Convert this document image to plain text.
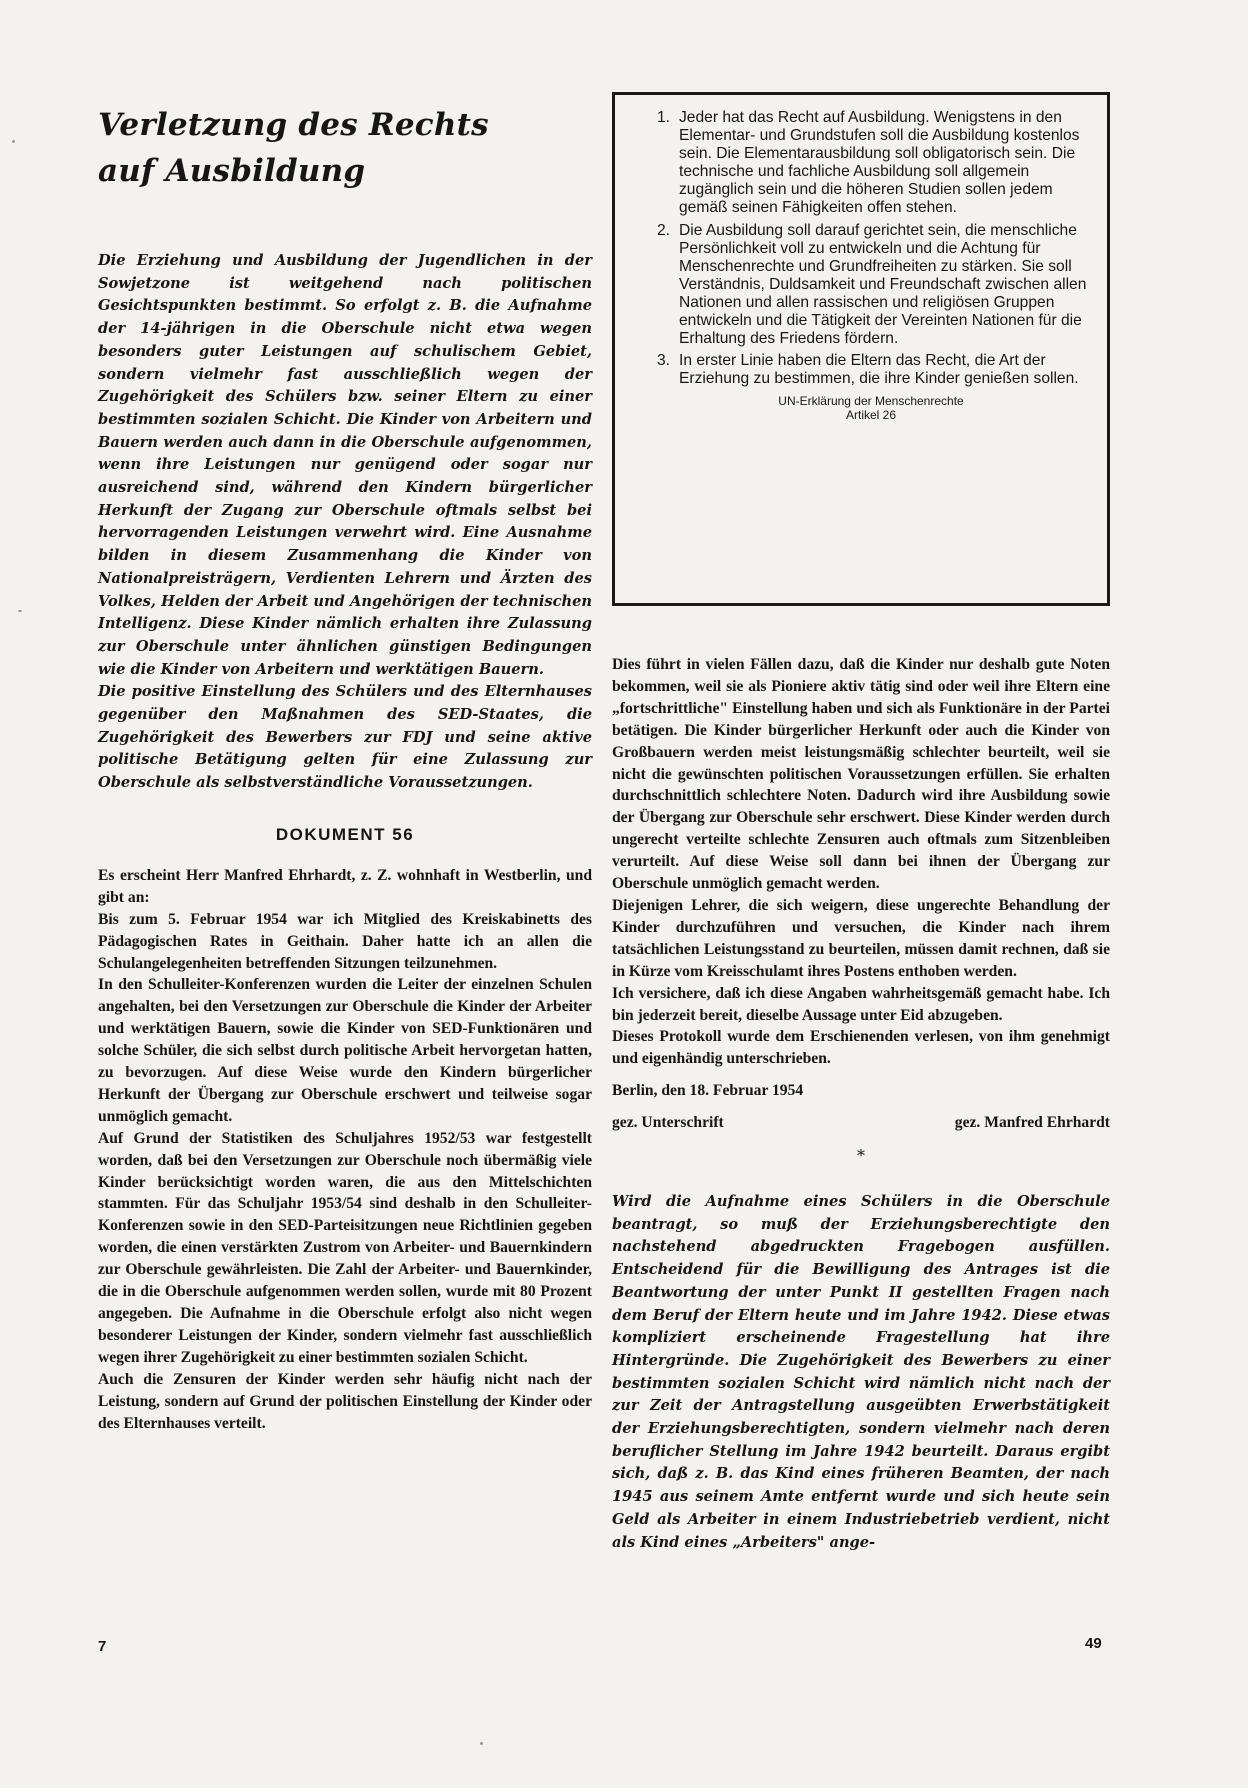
Verletzung des Rechts
auf Ausbildung

Die Erziehung und Ausbildung der Jugendlichen in der Sowjetzone ist weitgehend nach politischen Gesichtspunkten bestimmt. So erfolgt z. B. die Aufnahme der 14-jährigen in die Oberschule nicht etwa wegen besonders guter Leistungen auf schulischem Gebiet, sondern vielmehr fast ausschließlich wegen der Zugehörigkeit des Schülers bzw. seiner Eltern zu einer bestimmten sozialen Schicht. Die Kinder von Arbeitern und Bauern werden auch dann in die Oberschule aufgenommen, wenn ihre Leistungen nur genügend oder sogar nur ausreichend sind, während den Kindern bürgerlicher Herkunft der Zugang zur Oberschule oftmals selbst bei hervorragenden Leistungen verwehrt wird. Eine Ausnahme bilden in diesem Zusammenhang die Kinder von Nationalpreisträgern, Verdienten Lehrern und Ärzten des Volkes, Helden der Arbeit und Angehörigen der technischen Intelligenz. Diese Kinder nämlich erhalten ihre Zulassung zur Oberschule unter ähnlichen günstigen Bedingungen wie die Kinder von Arbeitern und werktätigen Bauern.

Die positive Einstellung des Schülers und des Elternhauses gegenüber den Maßnahmen des SED-Staates, die Zugehörigkeit des Bewerbers zur FDJ und seine aktive politische Betätigung gelten für eine Zulassung zur Oberschule als selbstverständliche Voraussetzungen.

DOKUMENT 56

Es erscheint Herr Manfred Ehrhardt, z. Z. wohnhaft in Westberlin, und gibt an:

Bis zum 5. Februar 1954 war ich Mitglied des Kreiskabinetts des Pädagogischen Rates in Geithain. Daher hatte ich an allen die Schulangelegenheiten betreffenden Sitzungen teilzunehmen.

In den Schulleiter-Konferenzen wurden die Leiter der einzelnen Schulen angehalten, bei den Versetzungen zur Oberschule die Kinder der Arbeiter und werktätigen Bauern, sowie die Kinder von SED-Funktionären und solche Schüler, die sich selbst durch politische Arbeit hervorgetan hatten, zu bevorzugen. Auf diese Weise wurde den Kindern bürgerlicher Herkunft der Übergang zur Oberschule erschwert und teilweise sogar unmöglich gemacht.

Auf Grund der Statistiken des Schuljahres 1952/53 war festgestellt worden, daß bei den Versetzungen zur Oberschule noch übermäßig viele Kinder berücksichtigt worden waren, die aus den Mittelschichten stammten. Für das Schuljahr 1953/54 sind deshalb in den Schulleiter-Konferenzen sowie in den SED-Parteisitzungen neue Richtlinien gegeben worden, die einen verstärkten Zustrom von Arbeiter- und Bauernkindern zur Oberschule gewährleisten. Die Zahl der Arbeiter- und Bauernkinder, die in die Oberschule aufgenommen werden sollen, wurde mit 80 Prozent angegeben. Die Aufnahme in die Oberschule erfolgt also nicht wegen besonderer Leistungen der Kinder, sondern vielmehr fast ausschließlich wegen ihrer Zugehörigkeit zu einer bestimmten sozialen Schicht.

Auch die Zensuren der Kinder werden sehr häufig nicht nach der Leistung, sondern auf Grund der politischen Einstellung der Kinder oder des Elternhauses verteilt.

1. Jeder hat das Recht auf Ausbildung. Wenigstens in den Elementar- und Grundstufen soll die Ausbildung kostenlos sein. Die Elementarausbildung soll obligatorisch sein. Die technische und fachliche Ausbildung soll allgemein zugänglich sein und die höheren Studien sollen jedem gemäß seinen Fähigkeiten offen stehen.
2. Die Ausbildung soll darauf gerichtet sein, die menschliche Persönlichkeit voll zu entwickeln und die Achtung für Menschenrechte und Grundfreiheiten zu stärken. Sie soll Verständnis, Duldsamkeit und Freundschaft zwischen allen Nationen und allen rassischen und religiösen Gruppen entwickeln und die Tätigkeit der Vereinten Nationen für die Erhaltung des Friedens fördern.
3. In erster Linie haben die Eltern das Recht, die Art der Erziehung zu bestimmen, die ihre Kinder genießen sollen.
UN-Erklärung der Menschenrechte
Artikel 26

Dies führt in vielen Fällen dazu, daß die Kinder nur deshalb gute Noten bekommen, weil sie als Pioniere aktiv tätig sind oder weil ihre Eltern eine „fortschrittliche" Einstellung haben und sich als Funktionäre in der Partei betätigen. Die Kinder bürgerlicher Herkunft oder auch die Kinder von Großbauern werden meist leistungsmäßig schlechter beurteilt, weil sie nicht die gewünschten politischen Voraussetzungen erfüllen. Sie erhalten durchschnittlich schlechtere Noten. Dadurch wird ihre Ausbildung sowie der Übergang zur Oberschule sehr erschwert. Diese Kinder werden durch ungerecht verteilte schlechte Zensuren auch oftmals zum Sitzenbleiben verurteilt. Auf diese Weise soll dann bei ihnen der Übergang zur Oberschule unmöglich gemacht werden.

Diejenigen Lehrer, die sich weigern, diese ungerechte Behandlung der Kinder durchzuführen und versuchen, die Kinder nach ihrem tatsächlichen Leistungsstand zu beurteilen, müssen damit rechnen, daß sie in Kürze vom Kreisschulamt ihres Postens enthoben werden.

Ich versichere, daß ich diese Angaben wahrheitsgemäß gemacht habe. Ich bin jederzeit bereit, dieselbe Aussage unter Eid abzugeben.

Dieses Protokoll wurde dem Erschienenden verlesen, von ihm genehmigt und eigenhändig unterschrieben.

Berlin, den 18. Februar 1954

gez. Unterschrift	gez. Manfred Ehrhardt

*

Wird die Aufnahme eines Schülers in die Oberschule beantragt, so muß der Erziehungsberechtigte den nachstehend abgedruckten Fragebogen ausfüllen. Entscheidend für die Bewilligung des Antrages ist die Beantwortung der unter Punkt II gestellten Fragen nach dem Beruf der Eltern heute und im Jahre 1942. Diese etwas kompliziert erscheinende Fragestellung hat ihre Hintergründe. Die Zugehörigkeit des Bewerbers zu einer bestimmten sozialen Schicht wird nämlich nicht nach der zur Zeit der Antragstellung ausgeübten Erwerbstätigkeit der Erziehungsberechtigten, sondern vielmehr nach deren beruflicher Stellung im Jahre 1942 beurteilt. Daraus ergibt sich, daß z. B. das Kind eines früheren Beamten, der nach 1945 aus seinem Amte entfernt wurde und sich heute sein Geld als Arbeiter in einem Industriebetrieb verdient, nicht als Kind eines „Arbeiters" ange-

7	49
